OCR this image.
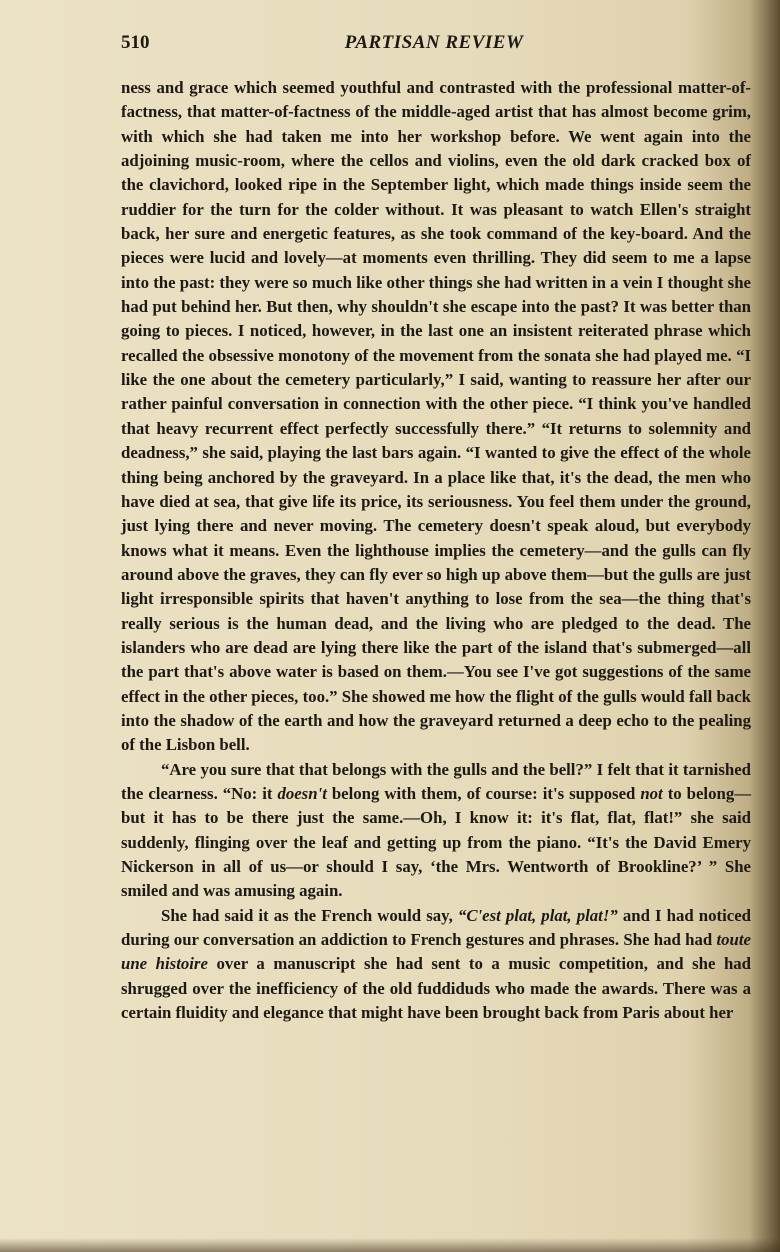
510	PARTISAN REVIEW

ness and grace which seemed youthful and contrasted with the professional matter-of-factness, that matter-of-factness of the middle-aged artist that has almost become grim, with which she had taken me into her workshop before. We went again into the adjoining music-room, where the cellos and violins, even the old dark cracked box of the clavichord, looked ripe in the September light, which made things inside seem the ruddier for the turn for the colder without. It was pleasant to watch Ellen's straight back, her sure and energetic features, as she took command of the key-board. And the pieces were lucid and lovely—at moments even thrilling. They did seem to me a lapse into the past: they were so much like other things she had written in a vein I thought she had put behind her. But then, why shouldn't she escape into the past? It was better than going to pieces. I noticed, however, in the last one an insistent reiterated phrase which recalled the obsessive monotony of the movement from the sonata she had played me. “I like the one about the cemetery particularly,” I said, wanting to reassure her after our rather painful conversation in connection with the other piece. “I think you've handled that heavy recurrent effect perfectly successfully there.” “It returns to solemnity and deadness,” she said, playing the last bars again. “I wanted to give the effect of the whole thing being anchored by the graveyard. In a place like that, it's the dead, the men who have died at sea, that give life its price, its seriousness. You feel them under the ground, just lying there and never moving. The cemetery doesn't speak aloud, but everybody knows what it means. Even the lighthouse implies the cemetery—and the gulls can fly around above the graves, they can fly ever so high up above them—but the gulls are just light irresponsible spirits that haven't anything to lose from the sea—the thing that's really serious is the human dead, and the living who are pledged to the dead. The islanders who are dead are lying there like the part of the island that's submerged—all the part that's above water is based on them.—You see I've got suggestions of the same effect in the other pieces, too.” She showed me how the flight of the gulls would fall back into the shadow of the earth and how the graveyard returned a deep echo to the pealing of the Lisbon bell.

“Are you sure that that belongs with the gulls and the bell?” I felt that it tarnished the clearness. “No: it doesn't belong with them, of course: it's supposed not to belong—but it has to be there just the same.—Oh, I know it: it's flat, flat, flat!” she said suddenly, flinging over the leaf and getting up from the piano. “It's the David Emery Nickerson in all of us—or should I say, ‘the Mrs. Wentworth of Brookline?’ ” She smiled and was amusing again.

She had said it as the French would say, “C'est plat, plat, plat!” and I had noticed during our conversation an addiction to French gestures and phrases. She had had toute une histoire over a manuscript she had sent to a music competition, and she had shrugged over the inefficiency of the old fuddiduds who made the awards. There was a certain fluidity and elegance that might have been brought back from Paris about her
